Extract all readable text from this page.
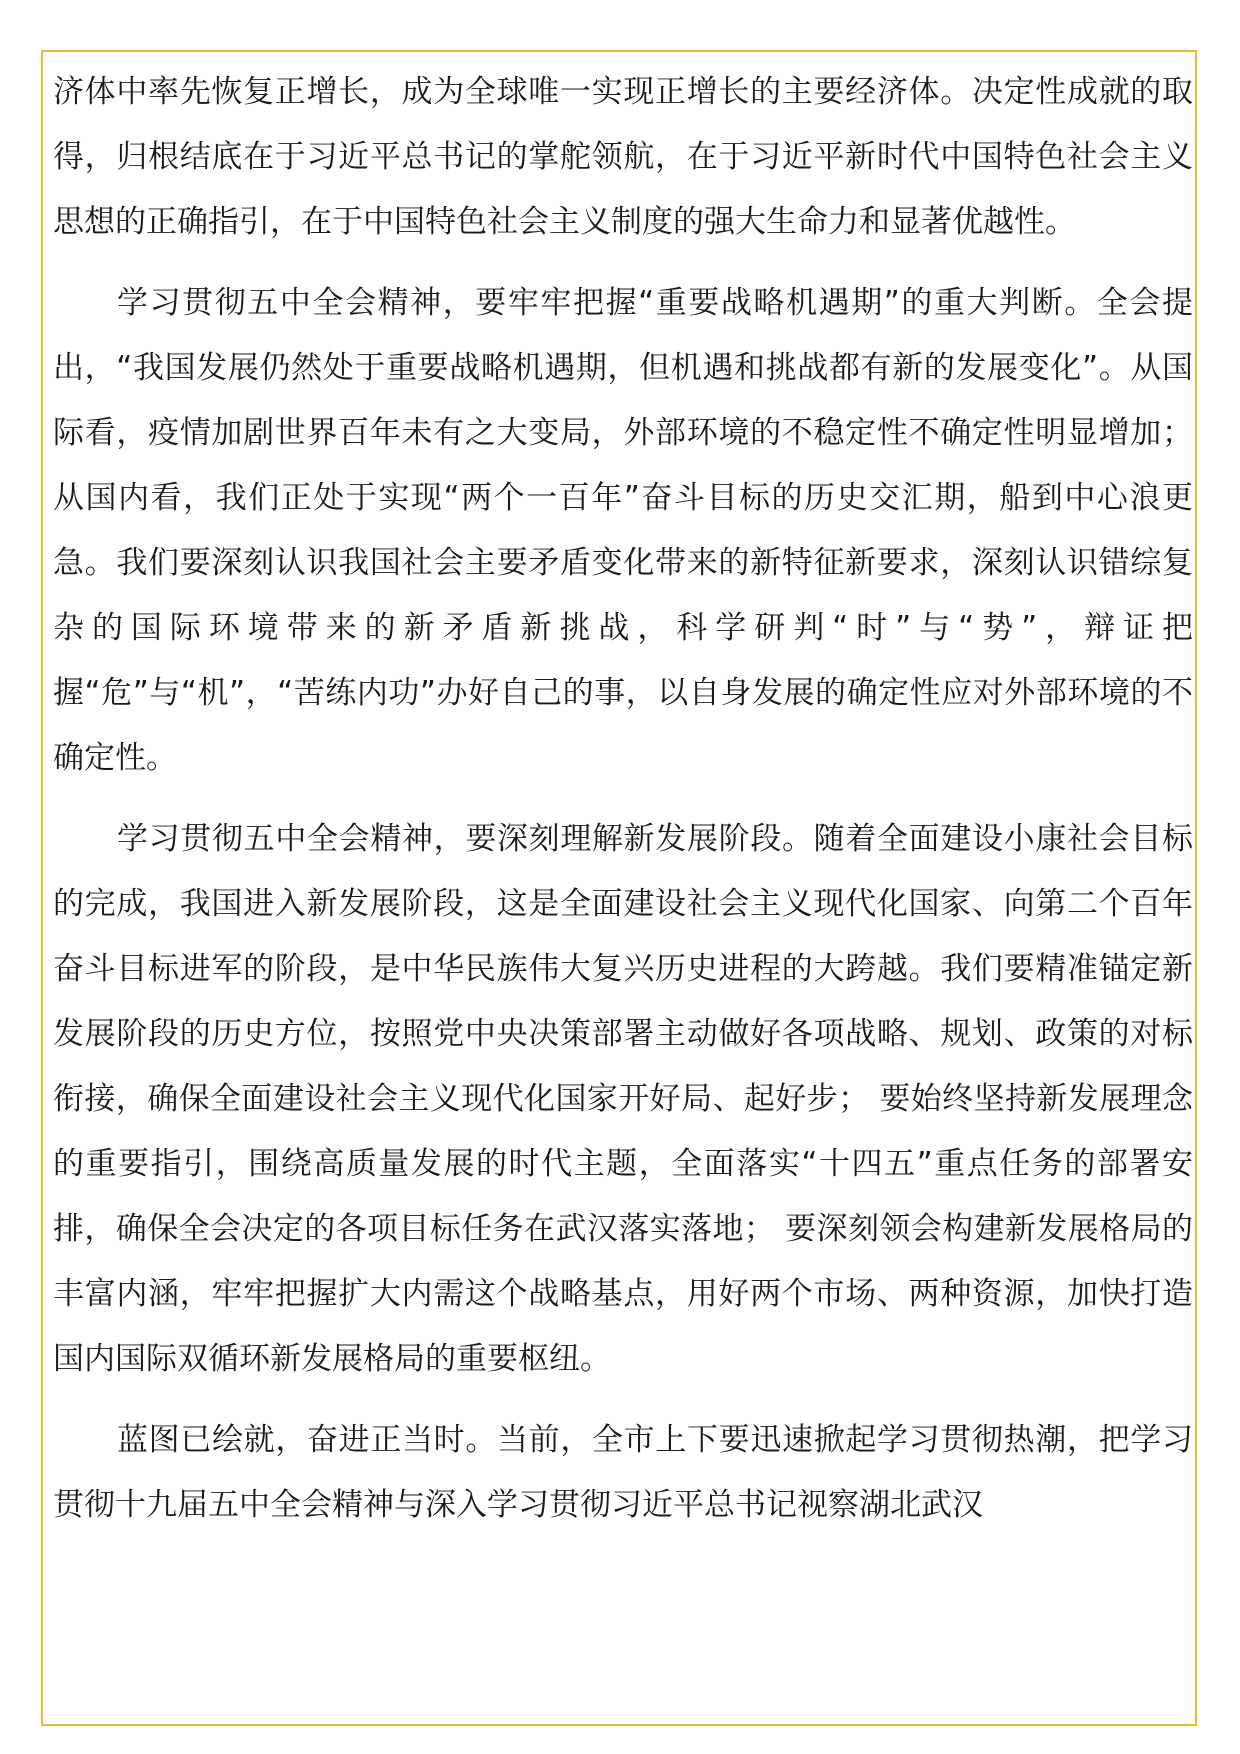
济体中率先恢复正增长，成为全球唯一实现正增长的主要经济体。决定性成就的取得，归根结底在于习近平总书记的掌舵领航，在于习近平新时代中国特色社会主义思想的正确指引，在于中国特色社会主义制度的强大生命力和显著优越性。

学习贯彻五中全会精神，要牢牢把握“重要战略机遇期”的重大判断。全会提出，“我国发展仍然处于重要战略机遇期，但机遇和挑战都有新的发展变化”。从国际看，疫情加剧世界百年未有之大变局，外部环境的不稳定性不确定性明显增加；从国内看，我们正处于实现“两个一百年”奋斗目标的历史交汇期，船到中心浪更急。我们要深刻认识我国社会主要矛盾变化带来的新特征新要求，深刻认识错综复杂的国际环境带来的新矛盾新挑战，科学研判“时”与“势”，辩证把握“危”与“机”，“苦练内功”办好自己的事，以自身发展的确定性应对外部环境的不确定性。

学习贯彻五中全会精神，要深刻理解新发展阶段。随着全面建设小康社会目标的完成，我国进入新发展阶段，这是全面建设社会主义现代化国家、向第二个百年奋斗目标进军的阶段，是中华民族伟大复兴历史进程的大跨越。我们要精准锚定新发展阶段的历史方位，按照党中央决策部署主动做好各项战略、规划、政策的对标衔接，确保全面建设社会主义现代化国家开好局、起好步； 要始终坚持新发展理念的重要指引，围绕高质量发展的时代主题，全面落实“十四五”重点任务的部署安排，确保全会决定的各项目标任务在武汉落实落地； 要深刻领会构建新发展格局的丰富内涵，牢牢把握扩大内需这个战略基点，用好两个市场、两种资源，加快打造国内国际双循环新发展格局的重要枢纽。

蓝图已绘就，奋进正当时。当前，全市上下要迅速掀起学习贯彻热潮，把学习贯彻十九届五中全会精神与深入学习贯彻习近平总书记视察湖北武汉
